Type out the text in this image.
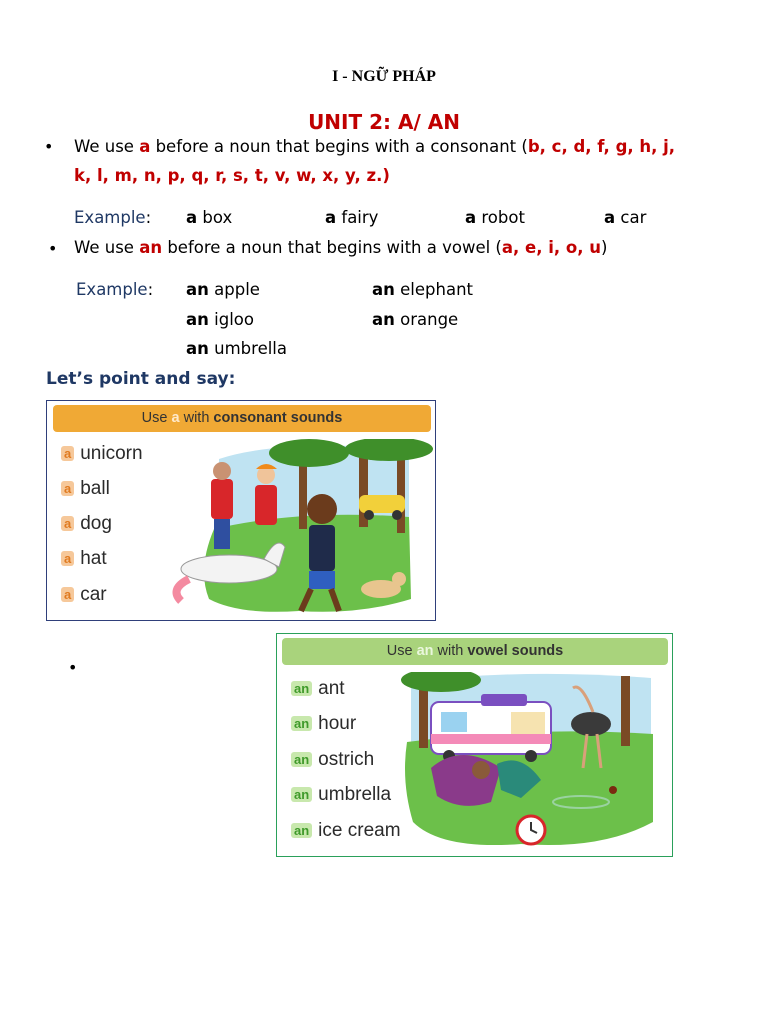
I - NGỮ PHÁP
UNIT 2: A/ AN
• We use a before a noun that begins with a consonant (b, c, d, f, g, h, j,
k, l, m, n, p, q, r, s, t, v, w, x, y, z.)
Example: a box	a fairy	a robot	a car
• We use an before a noun that begins with a vowel (a, e, i, o, u)
Example: an apple	an elephant
an igloo	an orange
an umbrella
Let’s point and say:
Use a with consonant sounds
a unicorn
a ball
a dog
a hat
a car
•
Use an with vowel sounds
an ant
an hour
an ostrich
an umbrella
an ice cream
